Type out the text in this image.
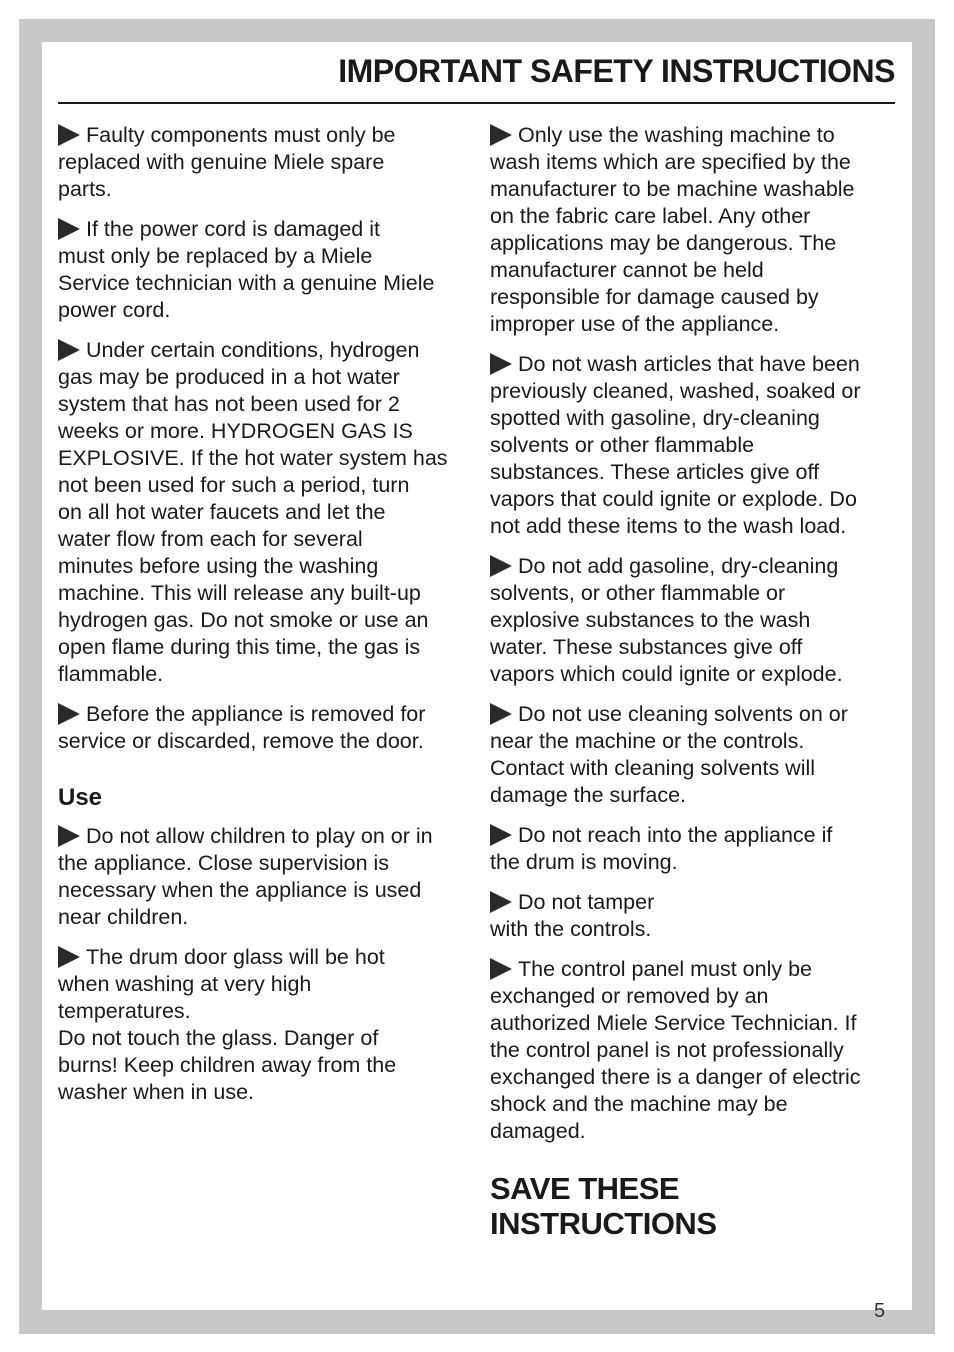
IMPORTANT SAFETY INSTRUCTIONS

Faulty components must only be
replaced with genuine Miele spare
parts.

If the power cord is damaged it
must only be replaced by a Miele
Service technician with a genuine Miele
power cord.

Under certain conditions, hydrogen
gas may be produced in a hot water
system that has not been used for 2
weeks or more. HYDROGEN GAS IS
EXPLOSIVE. If the hot water system has
not been used for such a period, turn
on all hot water faucets and let the
water flow from each for several
minutes before using the washing
machine. This will release any built-up
hydrogen gas. Do not smoke or use an
open flame during this time, the gas is
flammable.

Before the appliance is removed for
service or discarded, remove the door.

Use

Do not allow children to play on or in
the appliance. Close supervision is
necessary when the appliance is used
near children.

The drum door glass will be hot
when washing at very high
temperatures.
Do not touch the glass. Danger of
burns! Keep children away from the
washer when in use.

Only use the washing machine to
wash items which are specified by the
manufacturer to be machine washable
on the fabric care label. Any other
applications may be dangerous. The
manufacturer cannot be held
responsible for damage caused by
improper use of the appliance.

Do not wash articles that have been
previously cleaned, washed, soaked or
spotted with gasoline, dry-cleaning
solvents or other flammable
substances. These articles give off
vapors that could ignite or explode. Do
not add these items to the wash load.

Do not add gasoline, dry-cleaning
solvents, or other flammable or
explosive substances to the wash
water. These substances give off
vapors which could ignite or explode.

Do not use cleaning solvents on or
near the machine or the controls.
Contact with cleaning solvents will
damage the surface.

Do not reach into the appliance if
the drum is moving.

Do not tamper
with the controls.

The control panel must only be
exchanged or removed by an
authorized Miele Service Technician. If
the control panel is not professionally
exchanged there is a danger of electric
shock and the machine may be
damaged.

SAVE THESE
INSTRUCTIONS
5
